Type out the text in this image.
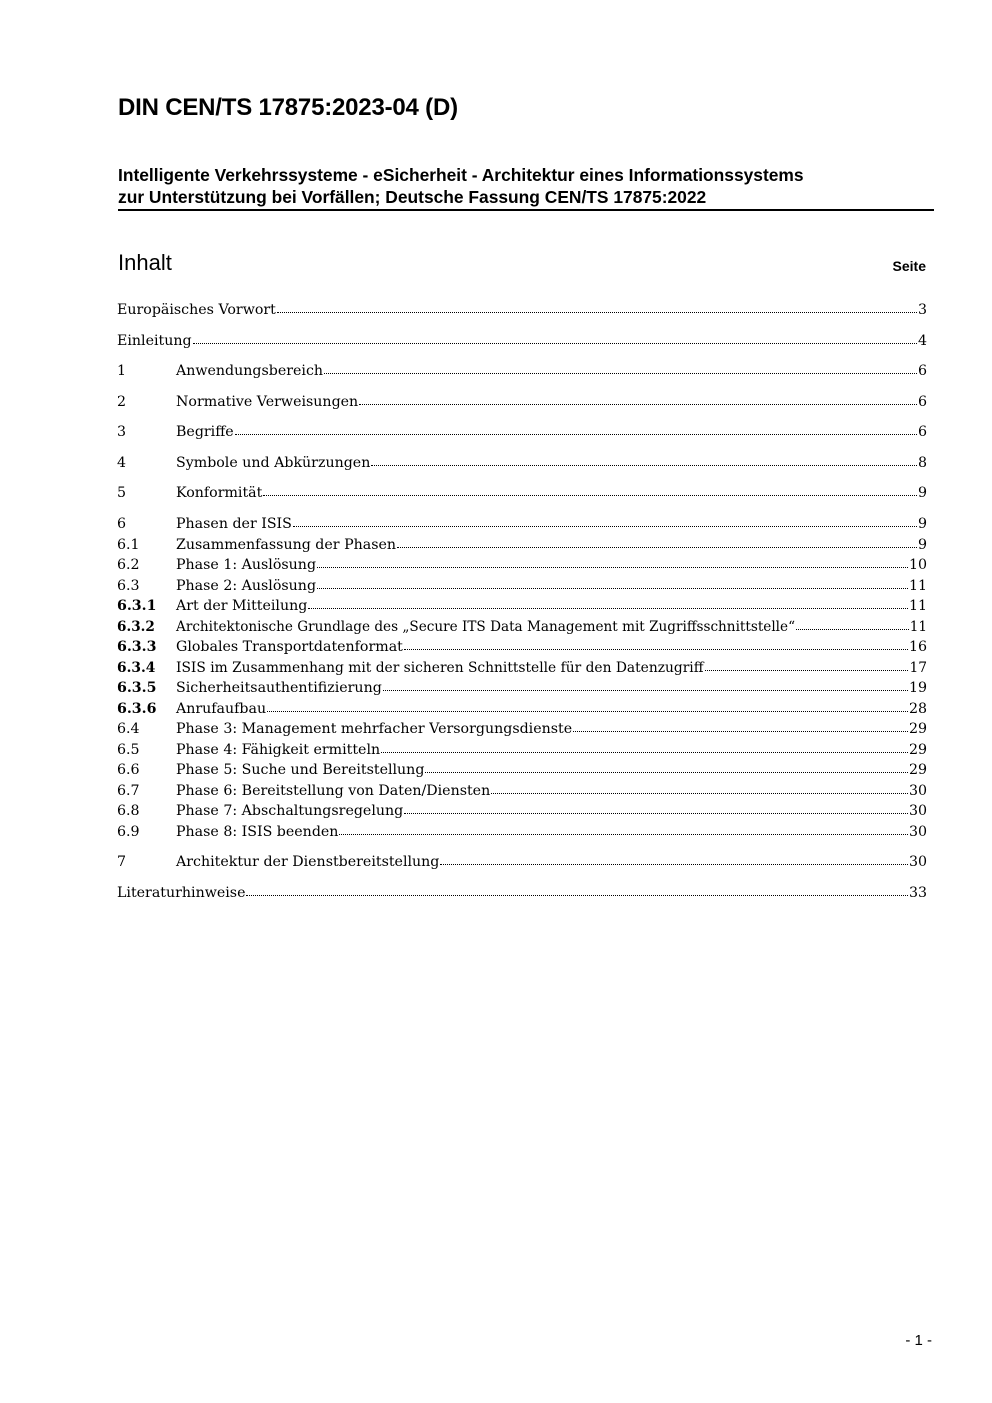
DIN CEN/TS 17875:2023-04 (D)
Intelligente Verkehrssysteme - eSicherheit - Architektur eines Informationssystems
zur Unterstützung bei Vorfällen; Deutsche Fassung CEN/TS 17875:2022
Inhalt	Seite
Europäisches Vorwort	3
Einleitung	4
1	Anwendungsbereich	6
2	Normative Verweisungen	6
3	Begriffe	6
4	Symbole und Abkürzungen	8
5	Konformität	9
6	Phasen der ISIS	9
6.1	Zusammenfassung der Phasen	9
6.2	Phase 1: Auslösung	10
6.3	Phase 2: Auslösung	11
6.3.1	Art der Mitteilung	11
6.3.2	Architektonische Grundlage des „Secure ITS Data Management mit Zugriffsschnittstelle“	11
6.3.3	Globales Transportdatenformat	16
6.3.4	ISIS im Zusammenhang mit der sicheren Schnittstelle für den Datenzugriff	17
6.3.5	Sicherheitsauthentifizierung	19
6.3.6	Anrufaufbau	28
6.4	Phase 3: Management mehrfacher Versorgungsdienste	29
6.5	Phase 4: Fähigkeit ermitteln	29
6.6	Phase 5: Suche und Bereitstellung	29
6.7	Phase 6: Bereitstellung von Daten/Diensten	30
6.8	Phase 7: Abschaltungsregelung	30
6.9	Phase 8: ISIS beenden	30
7	Architektur der Dienstbereitstellung	30
Literaturhinweise	33
- 1 -
